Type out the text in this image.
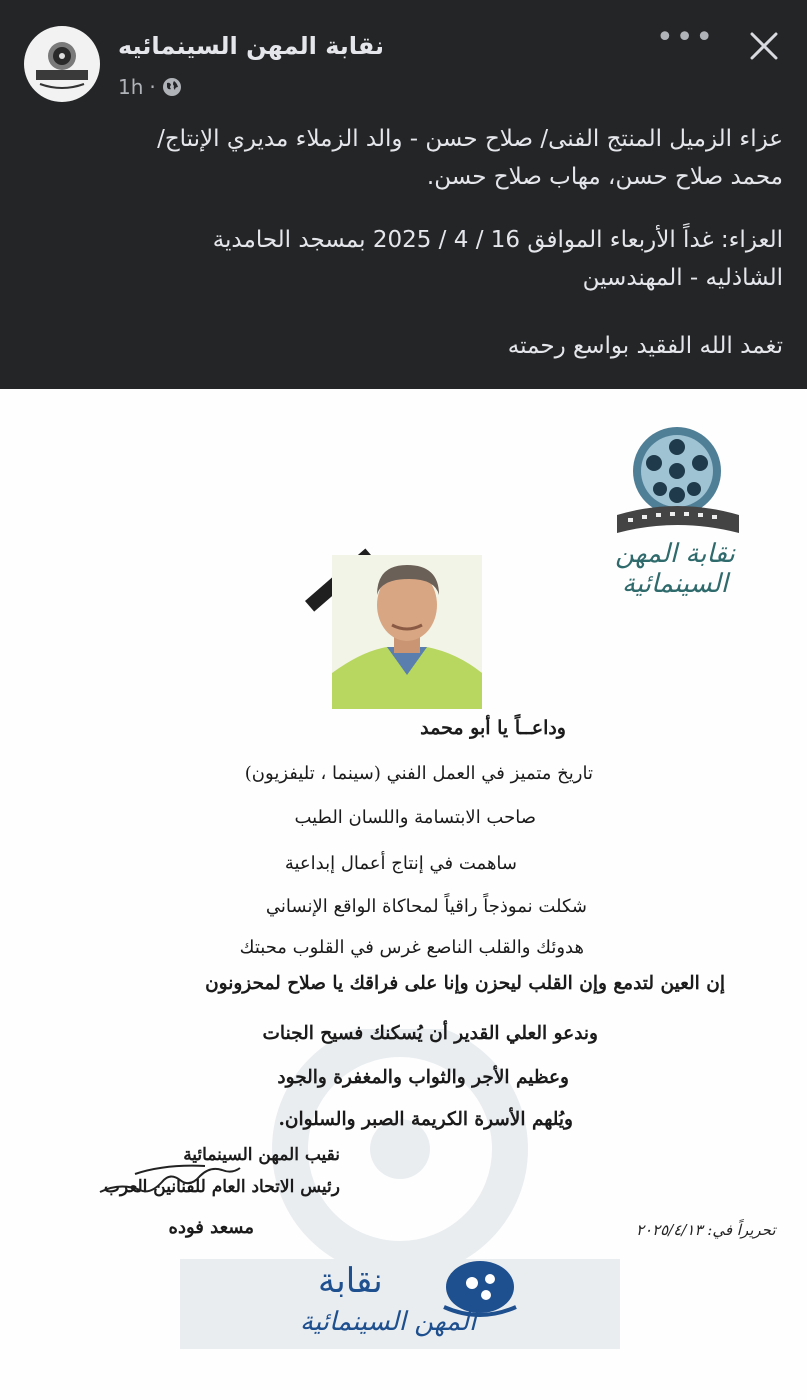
نقابة المهن السينمائيه
1h ·
•••

عزاء الزميل المنتج الفنى/ صلاح حسن - والد الزملاء مديري الإنتاج/

محمد صلاح حسن، مهاب صلاح حسن.

العزاء: غداً الأربعاء الموافق 16 / 4 / 2025 بمسجد الحامدية

الشاذليه - المهندسين

تغمد الله الفقيد بواسع رحمته

نقابة المهن السينمائية
وداعــاً يا أبو محمد
تاريخ متميز في العمل الفني (سينما ، تليفزيون)
صاحب الابتسامة واللسان الطيب
ساهمت في إنتاج أعمال إبداعية
شكلت نموذجاً راقياً لمحاكاة الواقع الإنساني
هدوئك والقلب الناصع غرس في القلوب محبتك
إن العين لتدمع وإن القلب ليحزن وإنا على فراقك يا صلاح لمحزونون
وندعو العلي القدير أن يُسكنك فسيح الجنات
وعظيم الأجر والثواب والمغفرة والجود
ويُلهم الأسرة الكريمة الصبر والسلوان.
نقيب المهن السينمائية
رئيس الاتحاد العام للفنانين العرب
مسعد فوده	تحريراً في: ٢٠٢٥/٤/١٣
نقابة
المهن السينمائية
